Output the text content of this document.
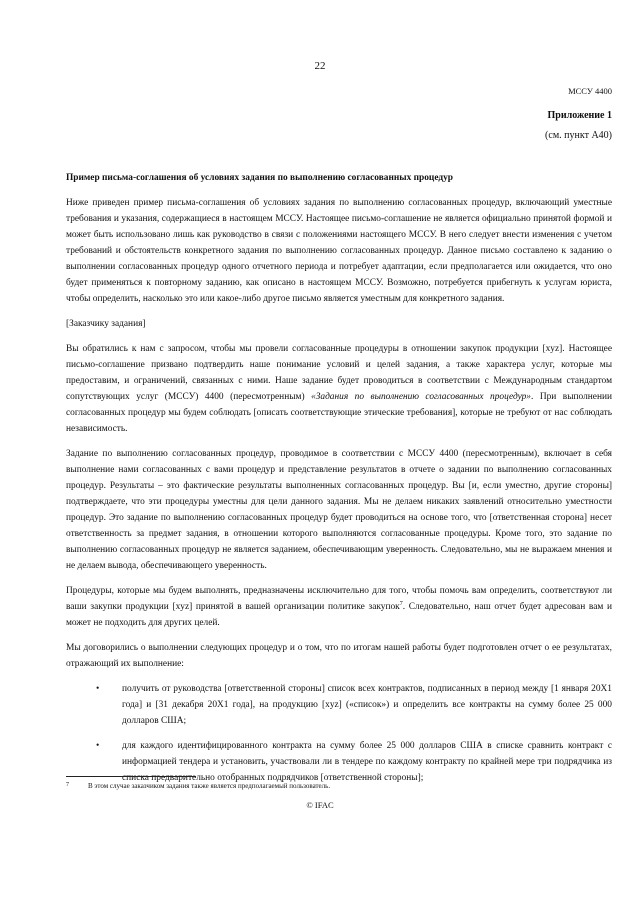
22
МССУ 4400
Приложение 1
(см. пункт А40)
Пример письма-соглашения об условиях задания по выполнению согласованных процедур

Ниже приведен пример письма-соглашения об условиях задания по выполнению согласованных процедур, включающий уместные требования и указания, содержащиеся в настоящем МССУ. Настоящее письмо-соглашение не является официально принятой формой и может быть использовано лишь как руководство в связи с положениями настоящего МССУ. В него следует внести изменения с учетом требований и обстоятельств конкретного задания по выполнению согласованных процедур. Данное письмо составлено к заданию о выполнении согласованных процедур одного отчетного периода и потребует адаптации, если предполагается или ожидается, что оно будет применяться к повторному заданию, как описано в настоящем МССУ. Возможно, потребуется прибегнуть к услугам юриста, чтобы определить, насколько это или какое-либо другое письмо является уместным для конкретного задания.

[Заказчику задания]

Вы обратились к нам с запросом, чтобы мы провели согласованные процедуры в отношении закупок продукции [xyz]. Настоящее письмо-соглашение призвано подтвердить наше понимание условий и целей задания, а также характера услуг, которые мы предоставим, и ограничений, связанных с ними. Наше задание будет проводиться в соответствии с Международным стандартом сопутствующих услуг (МССУ) 4400 (пересмотренным) «Задания по выполнению согласованных процедур». При выполнении согласованных процедур мы будем соблюдать [описать соответствующие этические требования], которые не требуют от нас соблюдать независимость.

Задание по выполнению согласованных процедур, проводимое в соответствии с МССУ 4400 (пересмотренным), включает в себя выполнение нами согласованных с вами процедур и представление результатов в отчете о задании по выполнению согласованных процедур. Результаты – это фактические результаты выполненных согласованных процедур. Вы [и, если уместно, другие стороны] подтверждаете, что эти процедуры уместны для цели данного задания. Мы не делаем никаких заявлений относительно уместности процедур. Это задание по выполнению согласованных процедур будет проводиться на основе того, что [ответственная сторона] несет ответственность за предмет задания, в отношении которого выполняются согласованные процедуры. Кроме того, это задание по выполнению согласованных процедур не является заданием, обеспечивающим уверенность. Следовательно, мы не выражаем мнения и не делаем вывода, обеспечивающего уверенность.

Процедуры, которые мы будем выполнять, предназначены исключительно для того, чтобы помочь вам определить, соответствуют ли ваши закупки продукции [xyz] принятой в вашей организации политике закупок$^7$. Следовательно, наш отчет будет адресован вам и может не подходить для других целей.

Мы договорились о выполнении следующих процедур и о том, что по итогам нашей работы будет подготовлен отчет о ее результатах, отражающий их выполнение:

• получить от руководства [ответственной стороны] список всех контрактов, подписанных в период между [1 января 20X1 года] и [31 декабря 20X1 года], на продукцию [xyz] («список») и определить все контракты на сумму более 25 000 долларов США;
• для каждого идентифицированного контракта на сумму более 25 000 долларов США в списке сравнить контракт с информацией тендера и установить, участвовали ли в тендере по каждому контракту по крайней мере три подрядчика из списка предварительно отобранных подрядчиков [ответственной стороны];
7	В этом случае заказчиком задания также является предполагаемый пользователь.
© IFAC
